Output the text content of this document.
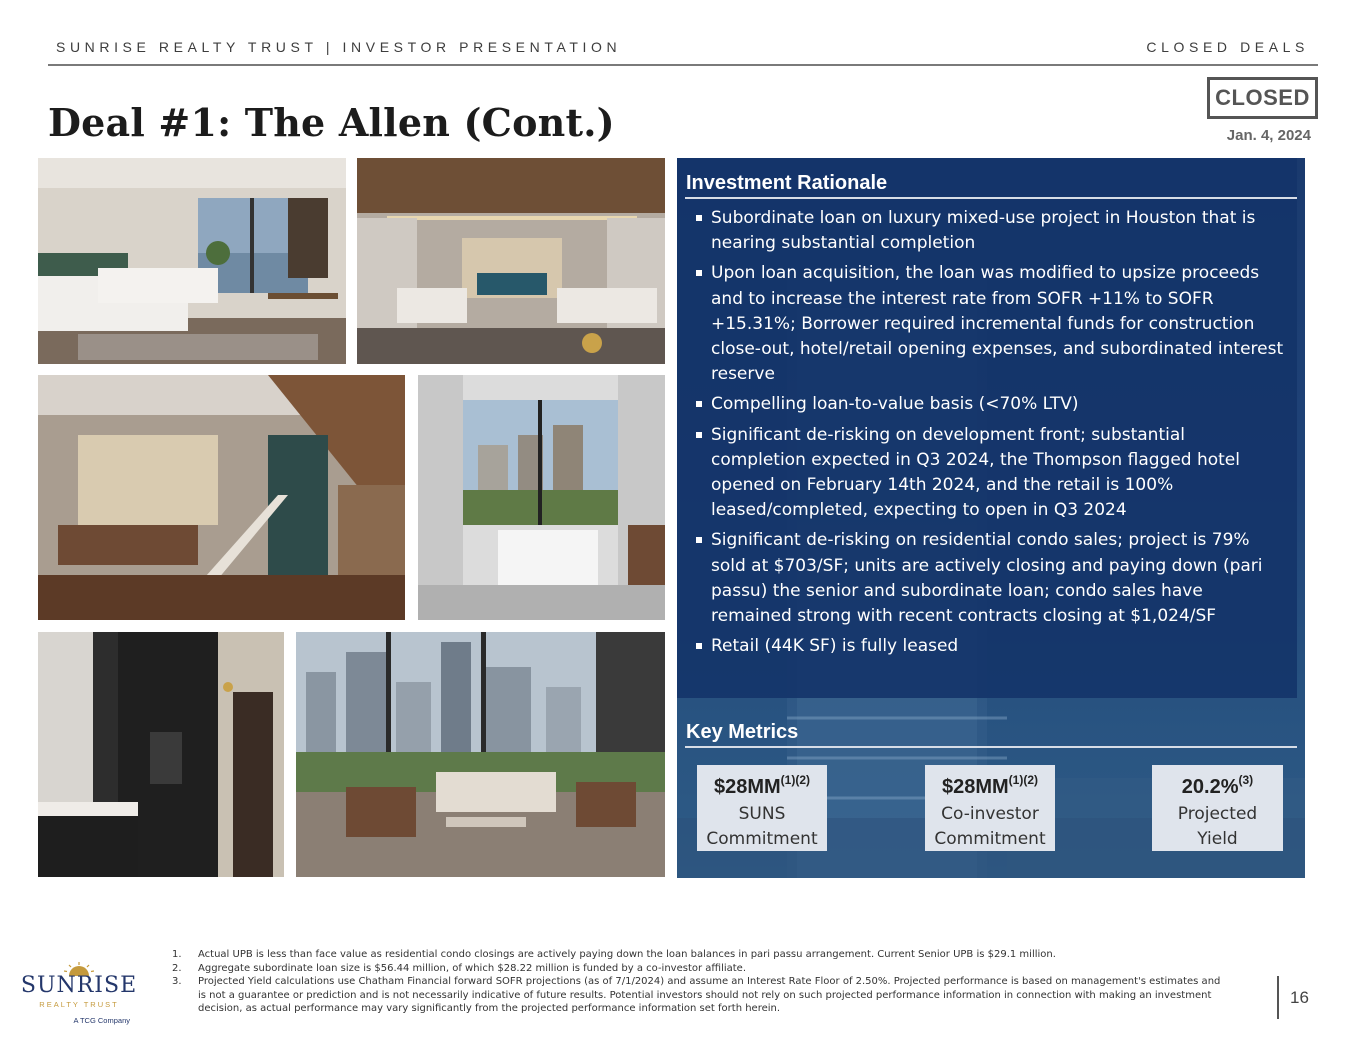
SUNRISE REALTY TRUST | INVESTOR PRESENTATION	CLOSED DEALS
Deal #1: The Allen (Cont.)
CLOSED
Jan. 4, 2024
Investment Rationale
Subordinate loan on luxury mixed-use project in Houston that is nearing substantial completion
Upon loan acquisition, the loan was modified to upsize proceeds and to increase the interest rate from SOFR +11% to SOFR +15.31%; Borrower required incremental funds for construction close-out, hotel/retail opening expenses, and subordinated interest reserve
Compelling loan-to-value basis (<70% LTV)
Significant de-risking on development front; substantial completion expected in Q3 2024, the Thompson flagged hotel opened on February 14th 2024, and the retail is 100% leased/completed, expecting to open in Q3 2024
Significant de-risking on residential condo sales; project is 79% sold at $703/SF; units are actively closing and paying down (pari passu) the senior and subordinate loan; condo sales have remained strong with recent contracts closing at $1,024/SF
Retail (44K SF) is fully leased
Key Metrics
$\$28MM^{(1)(2)}$
SUNS
Commitment
$\$28MM^{(1)(2)}$
Co-investor
Commitment
20.2%$^{(3)}$
Projected
Yield
SUNRISE
REALTY TRUST
A TCG Company
1. Actual UPB is less than face value as residential condo closings are actively paying down the loan balances in pari passu arrangement. Current Senior UPB is $29.1 million.
2. Aggregate subordinate loan size is $56.44 million, of which $28.22 million is funded by a co-investor affiliate.
3. Projected Yield calculations use Chatham Financial forward SOFR projections (as of 7/1/2024) and assume an Interest Rate Floor of 2.50%. Projected performance is based on management's estimates and is not a guarantee or prediction and is not necessarily indicative of future results. Potential investors should not rely on such projected performance information in connection with making an investment decision, as actual performance may vary significantly from the projected performance information set forth herein.
16
